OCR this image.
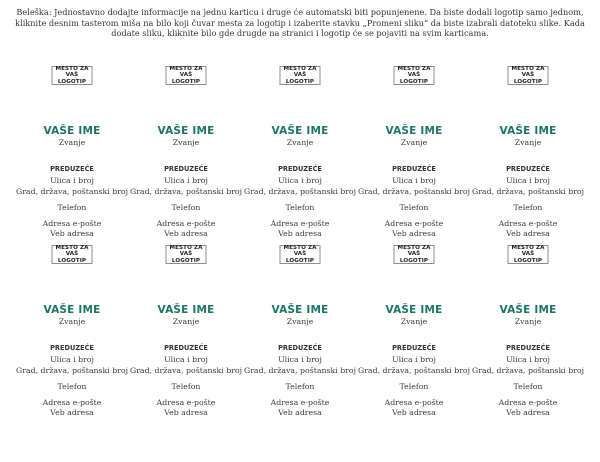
Beleška: Jednostavno dodajte informacije na jednu karticu i druge će automatski biti popunjenene. Da biste dodali logotip samo jednom, kliknite desnim tasterom miša na bilo koji čuvar mesta za logotip i izaberite stavku „Promeni sliku“ da biste izabrali datoteku slike. Kada dodate sliku, kliknite bilo gde drugde na stranici i logotip će se pojaviti na svim karticama.
MESTO ZA
VAŠ LOGOTIP
VAŠE IME
Zvanje
PREDUZEĆE
Ulica i broj
Grad, država, poštanski broj
Telefon
Adresa e-pošte
Veb adresa
MESTO ZA
VAŠ LOGOTIP
VAŠE IME
Zvanje
PREDUZEĆE
Ulica i broj
Grad, država, poštanski broj
Telefon
Adresa e-pošte
Veb adresa
MESTO ZA
VAŠ LOGOTIP
VAŠE IME
Zvanje
PREDUZEĆE
Ulica i broj
Grad, država, poštanski broj
Telefon
Adresa e-pošte
Veb adresa
MESTO ZA
VAŠ LOGOTIP
VAŠE IME
Zvanje
PREDUZEĆE
Ulica i broj
Grad, država, poštanski broj
Telefon
Adresa e-pošte
Veb adresa
MESTO ZA
VAŠ LOGOTIP
VAŠE IME
Zvanje
PREDUZEĆE
Ulica i broj
Grad, država, poštanski broj
Telefon
Adresa e-pošte
Veb adresa
MESTO ZA
VAŠ LOGOTIP
VAŠE IME
Zvanje
PREDUZEĆE
Ulica i broj
Grad, država, poštanski broj
Telefon
Adresa e-pošte
Veb adresa
MESTO ZA
VAŠ LOGOTIP
VAŠE IME
Zvanje
PREDUZEĆE
Ulica i broj
Grad, država, poštanski broj
Telefon
Adresa e-pošte
Veb adresa
MESTO ZA
VAŠ LOGOTIP
VAŠE IME
Zvanje
PREDUZEĆE
Ulica i broj
Grad, država, poštanski broj
Telefon
Adresa e-pošte
Veb adresa
MESTO ZA
VAŠ LOGOTIP
VAŠE IME
Zvanje
PREDUZEĆE
Ulica i broj
Grad, država, poštanski broj
Telefon
Adresa e-pošte
Veb adresa
MESTO ZA
VAŠ LOGOTIP
VAŠE IME
Zvanje
PREDUZEĆE
Ulica i broj
Grad, država, poštanski broj
Telefon
Adresa e-pošte
Veb adresa
